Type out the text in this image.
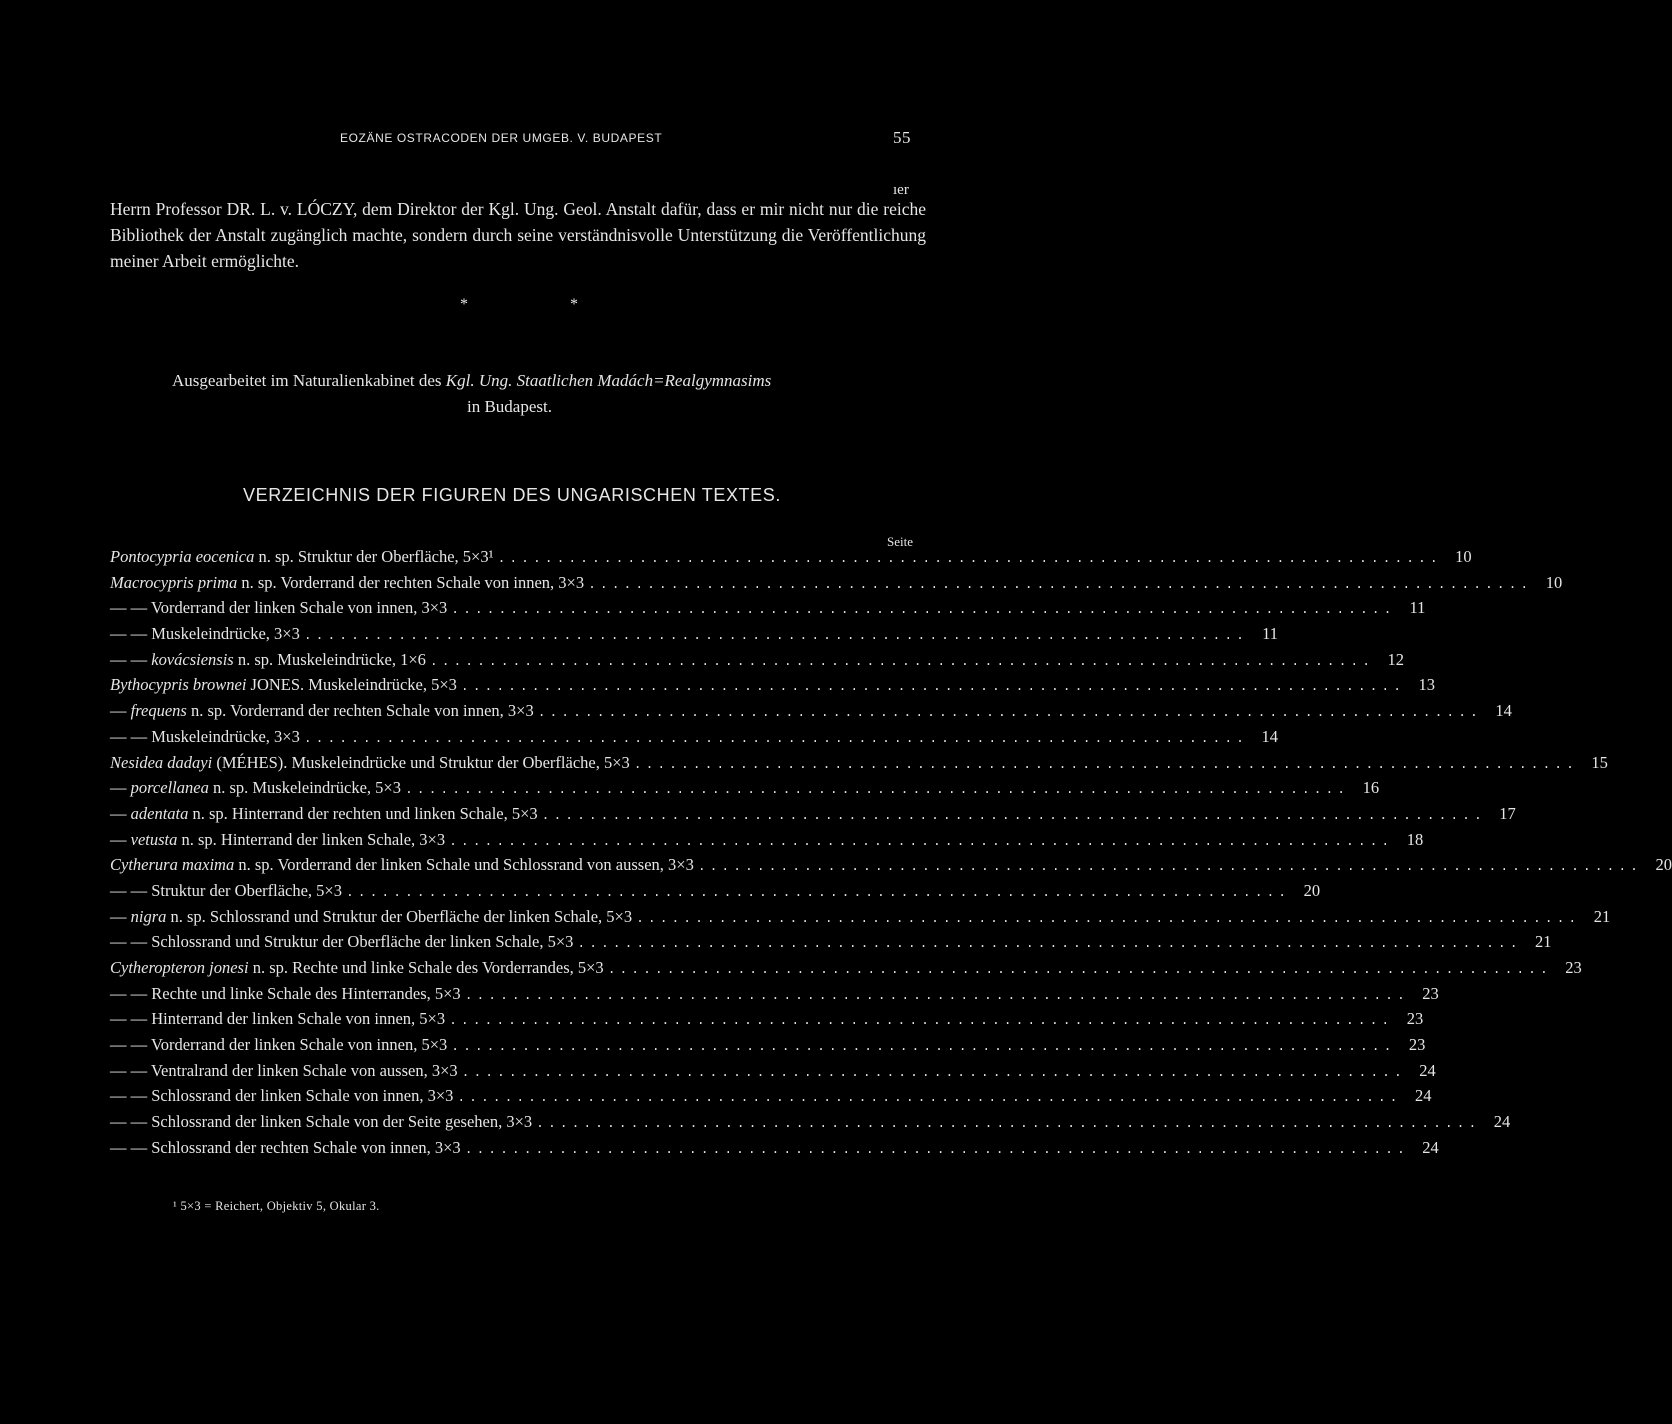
EOZÄNE OSTRACODEN DER UMGEB. V. BUDAPEST	55
ıer

Herrn Professor DR. L. v. LÓCZY, dem Direktor der Kgl. Ung. Geol. Anstalt dafür, dass er mir nicht nur die reiche Bibliothek der Anstalt zugänglich machte, sondern durch seine verständnisvolle Unterstützung die Veröffentlichung meiner Arbeit ermöglichte.

*	*
Ausgearbeitet im Naturalienkabinet des Kgl. Ung. Staatlichen Madách=Realgymnasims
in Budapest.
VERZEICHNIS DER FIGUREN DES UNGARISCHEN TEXTES.
Seite
Pontocypria eocenica n. sp. Struktur der Oberfläche, 5×3¹ ................................................................................ 10
Macrocypris prima n. sp. Vorderrand der rechten Schale von innen, 3×3 ................................................................................ 10
— — Vorderrand der linken Schale von innen, 3×3 ................................................................................ 11
— — Muskeleindrücke, 3×3 ................................................................................ 11
— — kovácsiensis n. sp. Muskeleindrücke, 1×6 ................................................................................ 12
Bythocypris brownei JONES. Muskeleindrücke, 5×3 ................................................................................ 13
— frequens n. sp. Vorderrand der rechten Schale von innen, 3×3 ................................................................................ 14
— — Muskeleindrücke, 3×3 ................................................................................ 14
Nesidea dadayi (MÉHES). Muskeleindrücke und Struktur der Oberfläche, 5×3 ................................................................................ 15
— porcellanea n. sp. Muskeleindrücke, 5×3 ................................................................................ 16
— adentata n. sp. Hinterrand der rechten und linken Schale, 5×3 ................................................................................ 17
— vetusta n. sp. Hinterrand der linken Schale, 3×3 ................................................................................ 18
Cytherura maxima n. sp. Vorderrand der linken Schale und Schlossrand von aussen, 3×3 ................................................................................ 20
— — Struktur der Oberfläche, 5×3 ................................................................................ 20
— nigra n. sp. Schlossrand und Struktur der Oberfläche der linken Schale, 5×3 ................................................................................ 21
— — Schlossrand und Struktur der Oberfläche der linken Schale, 5×3 ................................................................................ 21
Cytheropteron jonesi n. sp. Rechte und linke Schale des Vorderrandes, 5×3 ................................................................................ 23
— — Rechte und linke Schale des Hinterrandes, 5×3 ................................................................................ 23
— — Hinterrand der linken Schale von innen, 5×3 ................................................................................ 23
— — Vorderrand der linken Schale von innen, 5×3 ................................................................................ 23
— — Ventralrand der linken Schale von aussen, 3×3 ................................................................................ 24
— — Schlossrand der linken Schale von innen, 3×3 ................................................................................ 24
— — Schlossrand der linken Schale von der Seite gesehen, 3×3 ................................................................................ 24
— — Schlossrand der rechten Schale von innen, 3×3 ................................................................................ 24
¹ 5×3 = Reichert, Objektiv 5, Okular 3.
